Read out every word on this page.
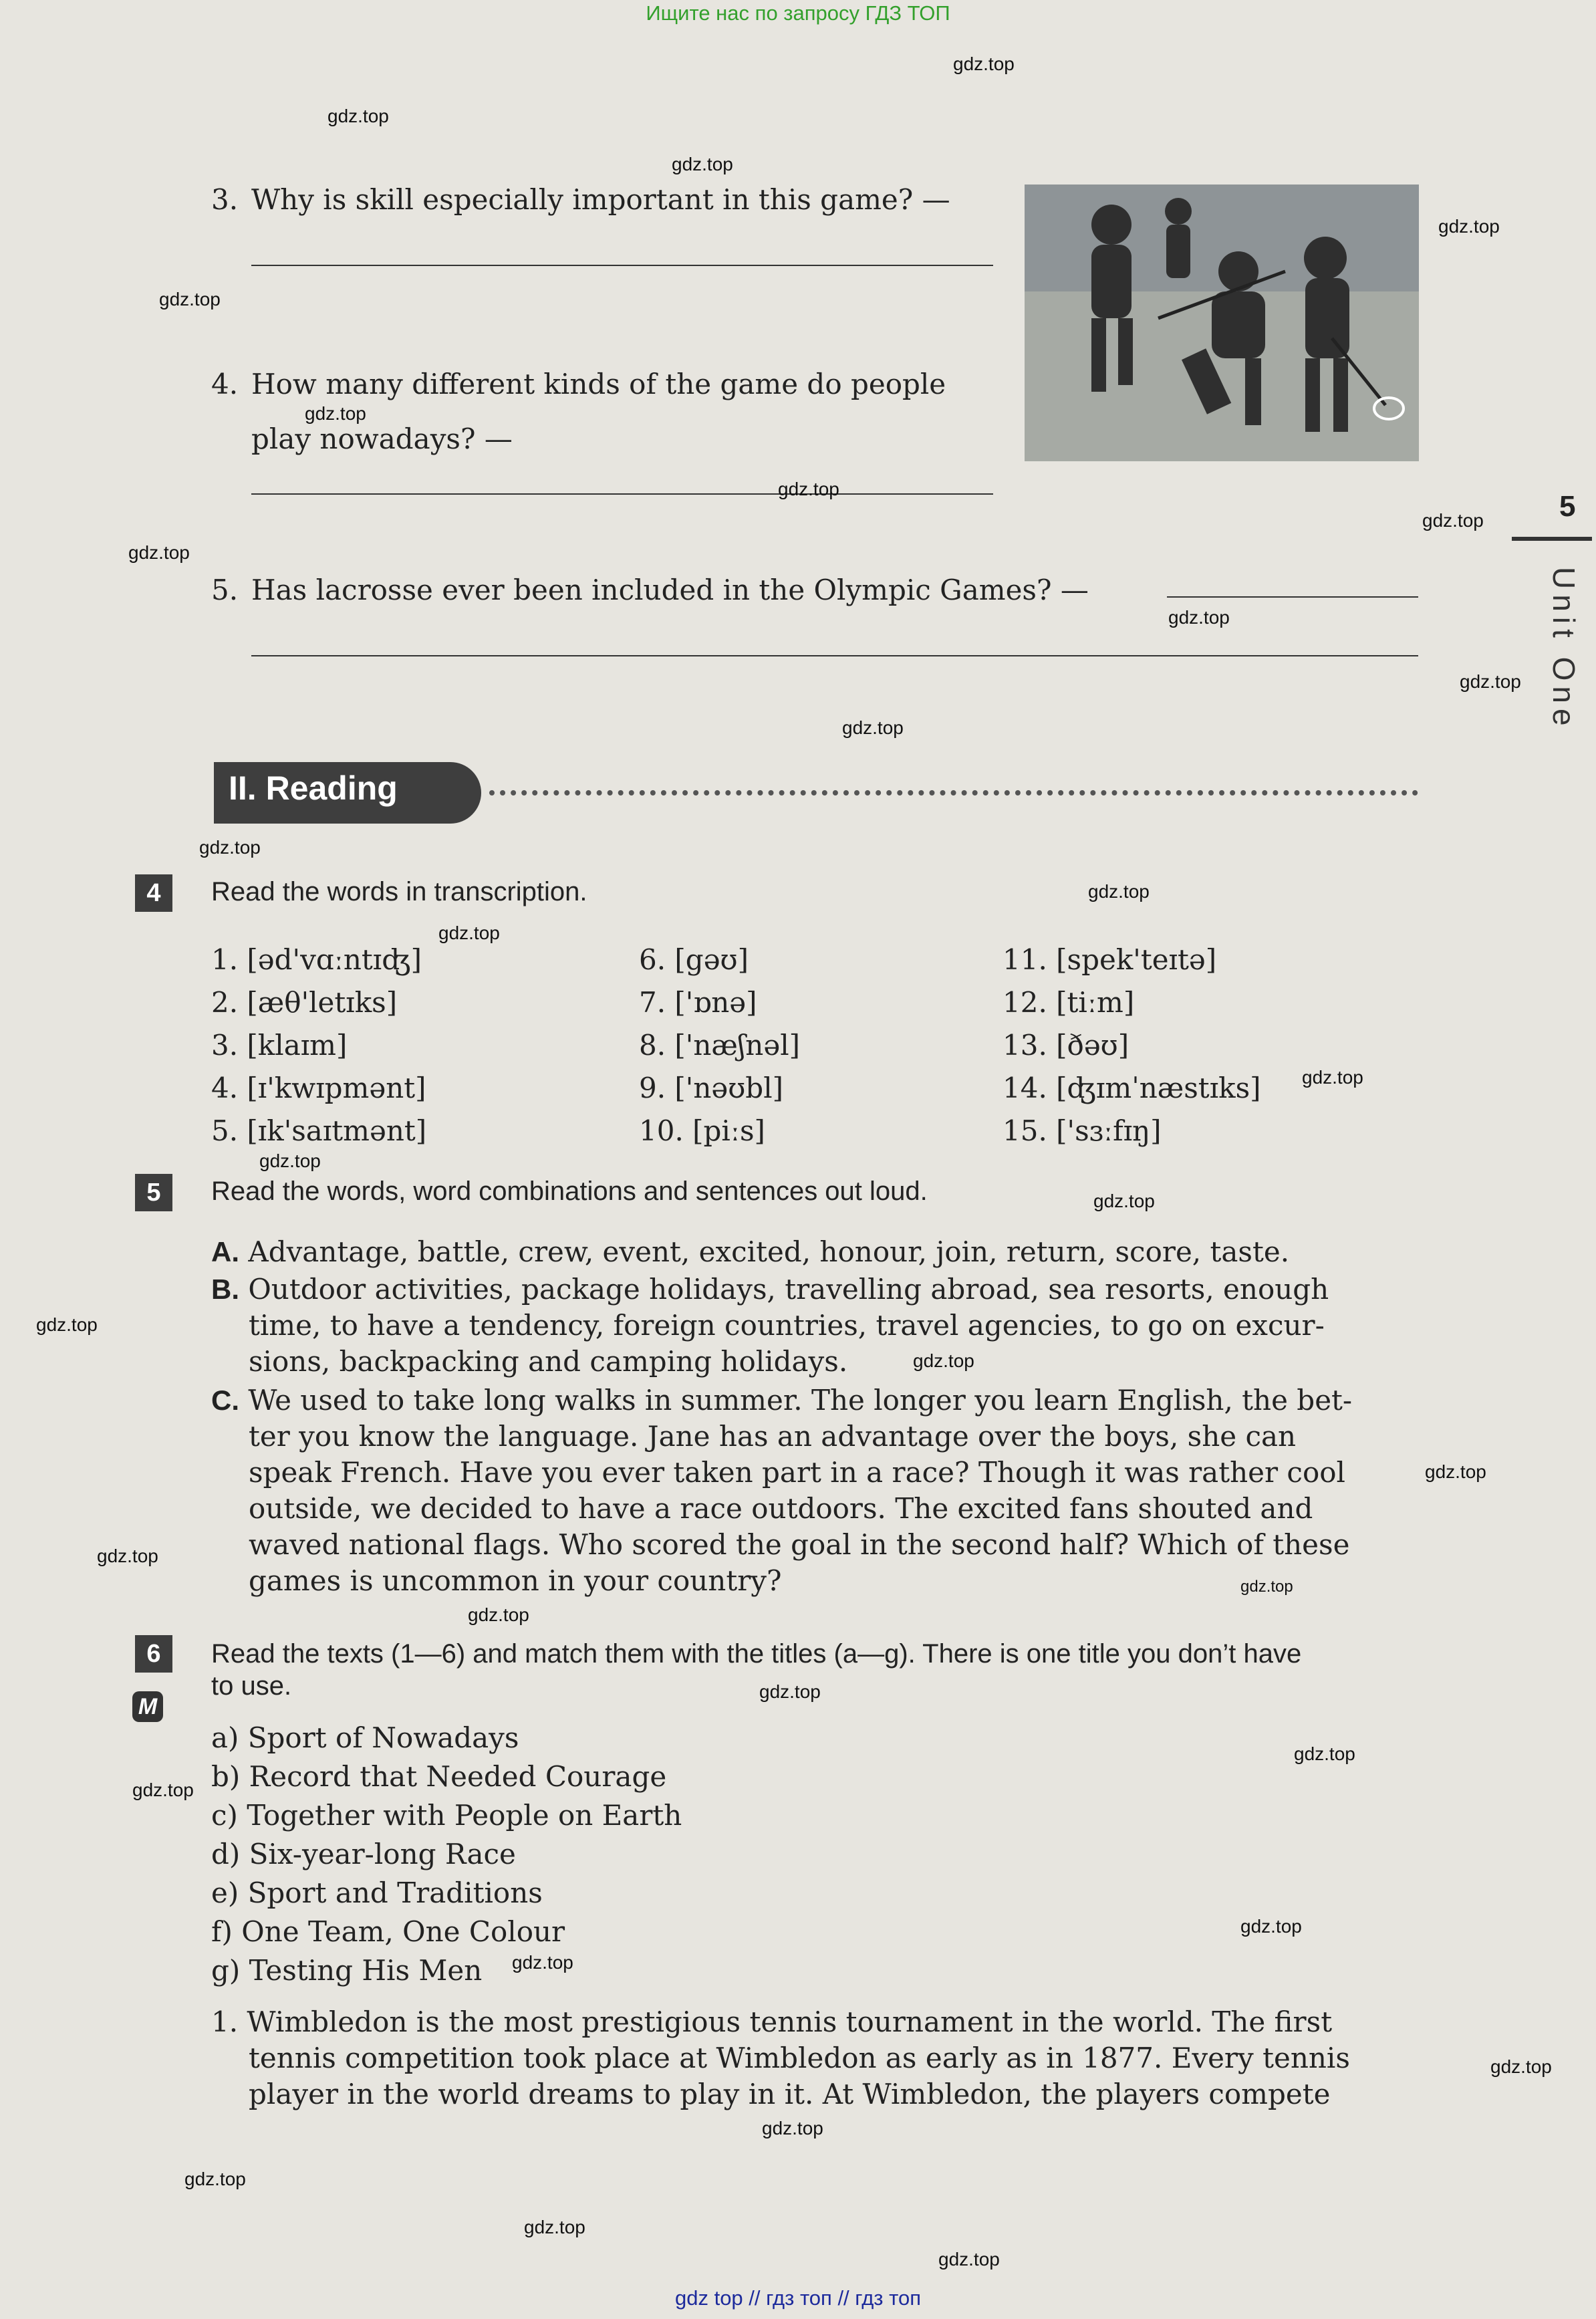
Ищите нас по запросу ГДЗ ТОП
gdz top // гдз топ // гдз топ
5
Unit One
3. Why is skill especially important in this game? —
4. How many different kinds of the game do people
play nowadays? —
5. Has lacrosse ever been included in the Olympic Games? —
II. Reading
4	Read the words in transcription.
1. [əd'vɑːntɪʤ]
2. [æθ'letɪks]
3. [klaɪm]
4. [ɪ'kwɪpmənt]
5. [ɪk'saɪtmənt]
6. [gəʊ]
7. ['ɒnə]
8. ['næʃnəl]
9. ['nəʊbl]
10. [piːs]
11. [spek'teɪtə]
12. [tiːm]
13. [ðəʊ]
14. [ʤɪmˈnæstɪks]
15. ['sɜːfɪŋ]
5	Read the words, word combinations and sentences out loud.
A. Advantage, battle, crew, event, excited, honour, join, return, score, taste.
B. Outdoor activities, package holidays, travelling abroad, sea resorts, enough
time, to have a tendency, foreign countries, travel agencies, to go on excur-
sions, backpacking and camping holidays.
C. We used to take long walks in summer. The longer you learn English, the bet-
ter you know the language. Jane has an advantage over the boys, she can
speak French. Have you ever taken part in a race? Though it was rather cool
outside, we decided to have a race outdoors. The excited fans shouted and
waved national flags. Who scored the goal in the second half? Which of these
games is uncommon in your country?
6	Read the texts (1—6) and match them with the titles (a—g). There is one title you don’t have
to use.
M
a) Sport of Nowadays
b) Record that Needed Courage
c) Together with People on Earth
d) Six-year-long Race
e) Sport and Traditions
f) One Team, One Colour
g) Testing His Men
1. Wimbledon is the most prestigious tennis tournament in the world. The first
tennis competition took place at Wimbledon as early as in 1877. Every tennis
player in the world dreams to play in it. At Wimbledon, the players compete
gdz.top
gdz.top
gdz.top
gdz.top
gdz.top
gdz.top
gdz.top
gdz.top
gdz.top
gdz.top
gdz.top
gdz.top
gdz.top
gdz.top
gdz.top
gdz.top
gdz.top
gdz.top
gdz.top
gdz.top
gdz.top
gdz.top
gdz.top
gdz.top
gdz.top
gdz.top
gdz.top
gdz.top
gdz.top
gdz.top
gdz.top
gdz.top
gdz.top
gdz.top
